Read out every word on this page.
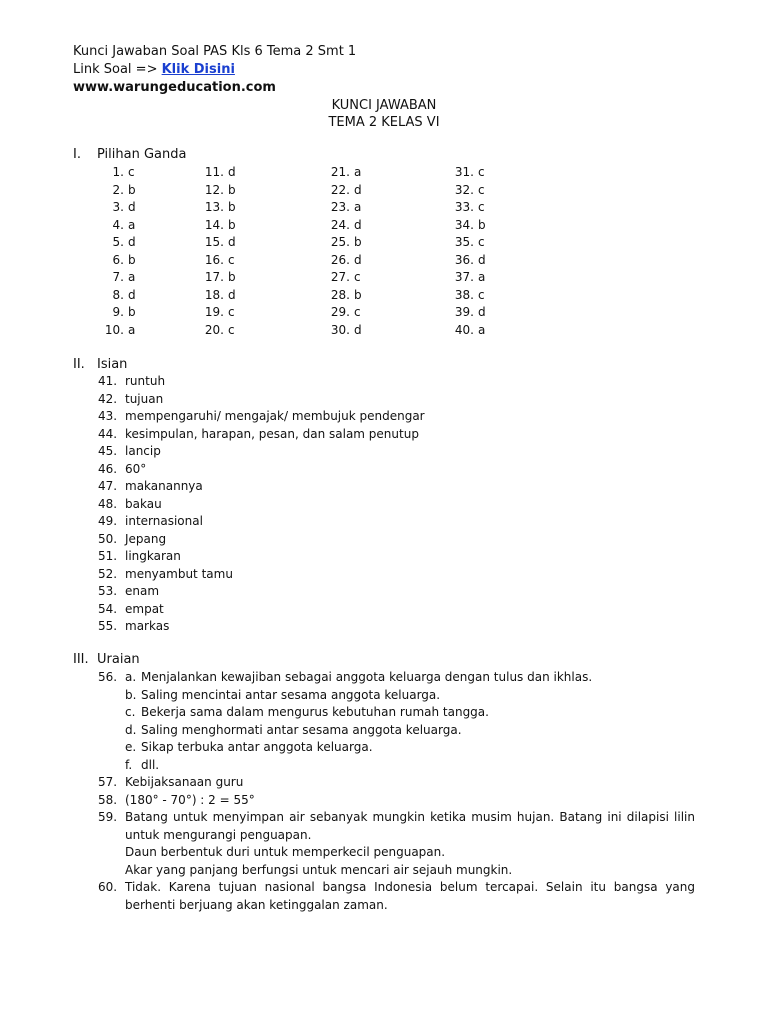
Kunci Jawaban Soal PAS Kls 6 Tema 2 Smt 1
Link Soal => Klik Disini
www.warungeducation.com
KUNCI JAWABAN
TEMA 2 KELAS VI
I. Pilihan Ganda
1. c	11. d	21. a	31. c
2. b	12. b	22. d	32. c
3. d	13. b	23. a	33. c
4. a	14. b	24. d	34. b
5. d	15. d	25. b	35. c
6. b	16. c	26. d	36. d
7. a	17. b	27. c	37. a
8. d	18. d	28. b	38. c
9. b	19. c	29. c	39. d
10. a	20. c	30. d	40. a
II. Isian
41. runtuh
42. tujuan
43. mempengaruhi/ mengajak/ membujuk pendengar
44. kesimpulan, harapan, pesan, dan salam penutup
45. lancip
46. 60°
47. makanannya
48. bakau
49. internasional
50. Jepang
51. lingkaran
52. menyambut tamu
53. enam
54. empat
55. markas
III. Uraian
56. a. Menjalankan kewajiban sebagai anggota keluarga dengan tulus dan ikhlas.
b. Saling mencintai antar sesama anggota keluarga.
c. Bekerja sama dalam mengurus kebutuhan rumah tangga.
d. Saling menghormati antar sesama anggota keluarga.
e. Sikap terbuka antar anggota keluarga.
f. dll.
57. Kebijaksanaan guru
58. (180° - 70°) : 2 = 55°
59. Batang untuk menyimpan air sebanyak mungkin ketika musim hujan. Batang ini dilapisi lilin untuk mengurangi penguapan.
Daun berbentuk duri untuk memperkecil penguapan.
Akar yang panjang berfungsi untuk mencari air sejauh mungkin.
60. Tidak. Karena tujuan nasional bangsa Indonesia belum tercapai. Selain itu bangsa yang berhenti berjuang akan ketinggalan zaman.
